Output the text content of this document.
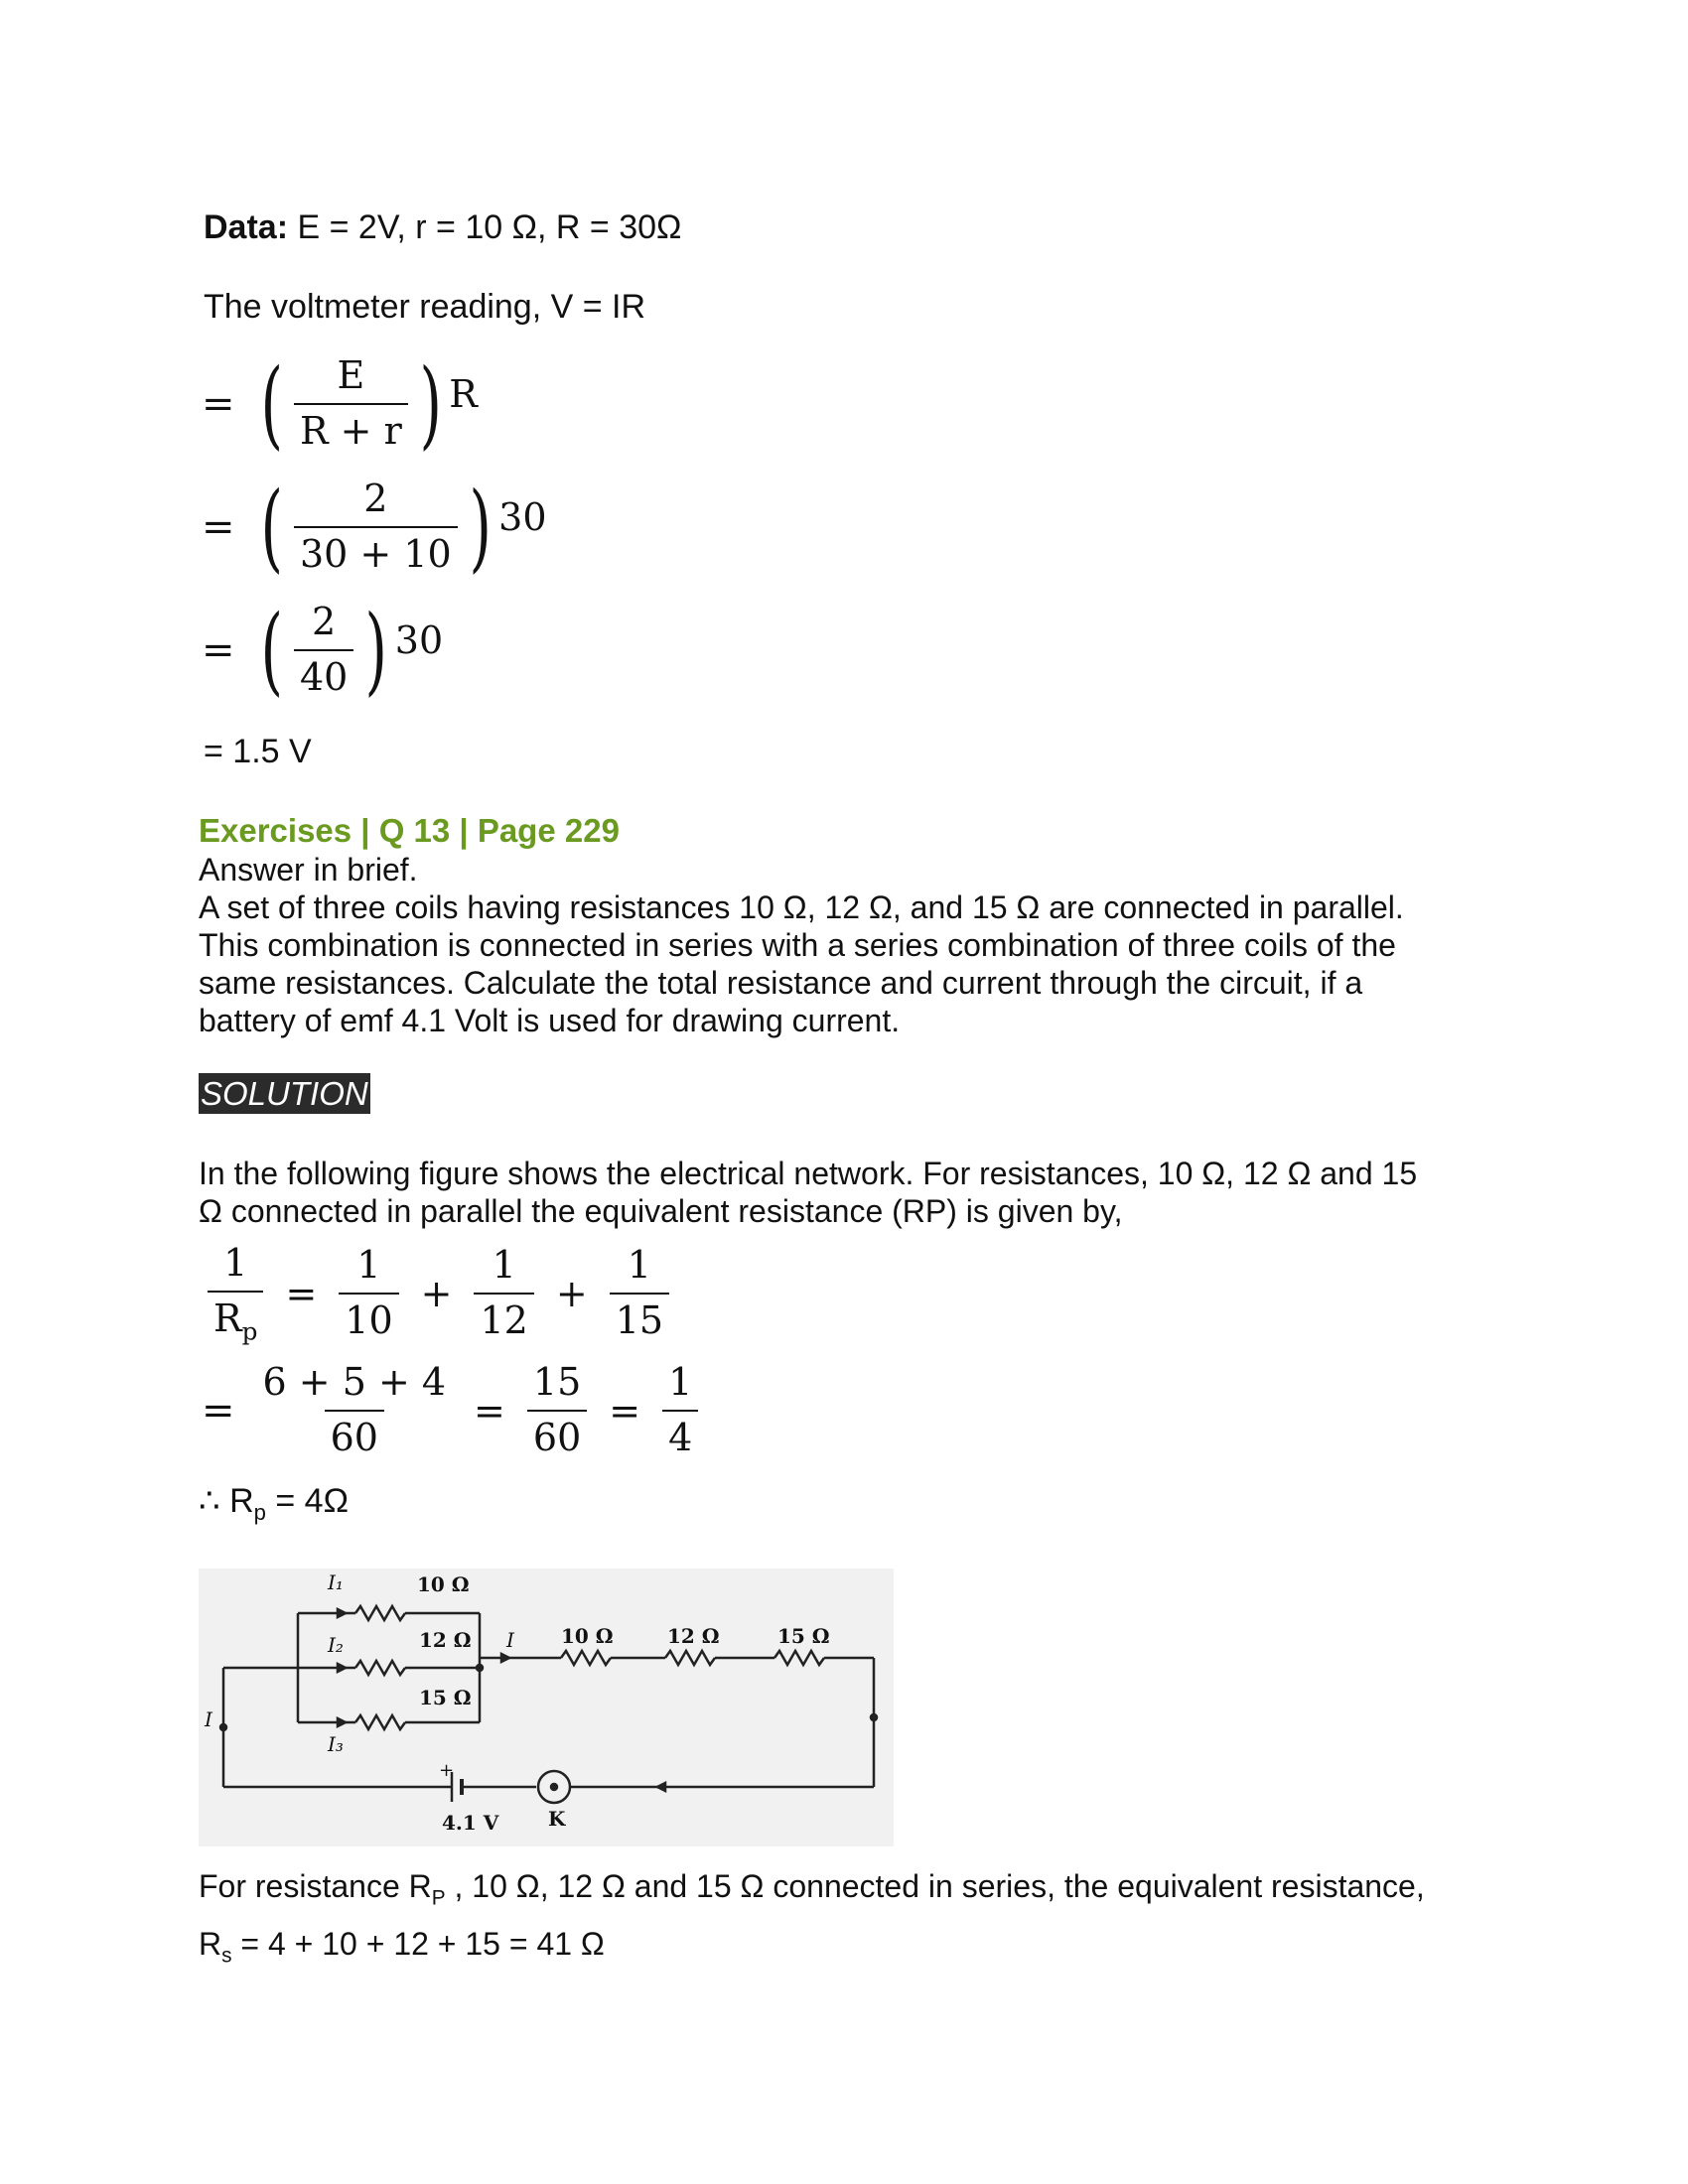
Data: E = 2V, r = 10 Ω, R = 30Ω
The voltmeter reading, V = IR
= ( $\frac{E}{R + r}$ ) R
= ( $\frac{2}{30 + 10}$ ) 30
= ( $\frac{2}{40}$ ) 30
= 1.5 V
Exercises | Q 13 | Page 229
Answer in brief.
A set of three coils having resistances 10 Ω, 12 Ω, and 15 Ω are connected in parallel.
This combination is connected in series with a series combination of three coils of the
same resistances. Calculate the total resistance and current through the circuit, if a
battery of emf 4.1 Volt is used for drawing current.
SOLUTION
In the following figure shows the electrical network. For resistances, 10 Ω, 12 Ω and 15
Ω connected in parallel the equivalent resistance (RP) is given by,
$\frac{1}{R_p} = \frac{1}{10} + \frac{1}{12} + \frac{1}{15}$
= $\frac{6 + 5 + 4}{60} = \frac{15}{60} = \frac{1}{4}$
∴ $R_p = 4\Omega$
I₁	10 Ω
I₂	12 Ω
15 Ω
I₃
I
I 10 Ω	12 Ω	15 Ω
+
4.1 V K
For resistance $R_P$ , 10 Ω, 12 Ω and 15 Ω connected in series, the equivalent resistance,
$R_s = 4 + 10 + 12 + 15 = 41$ Ω
